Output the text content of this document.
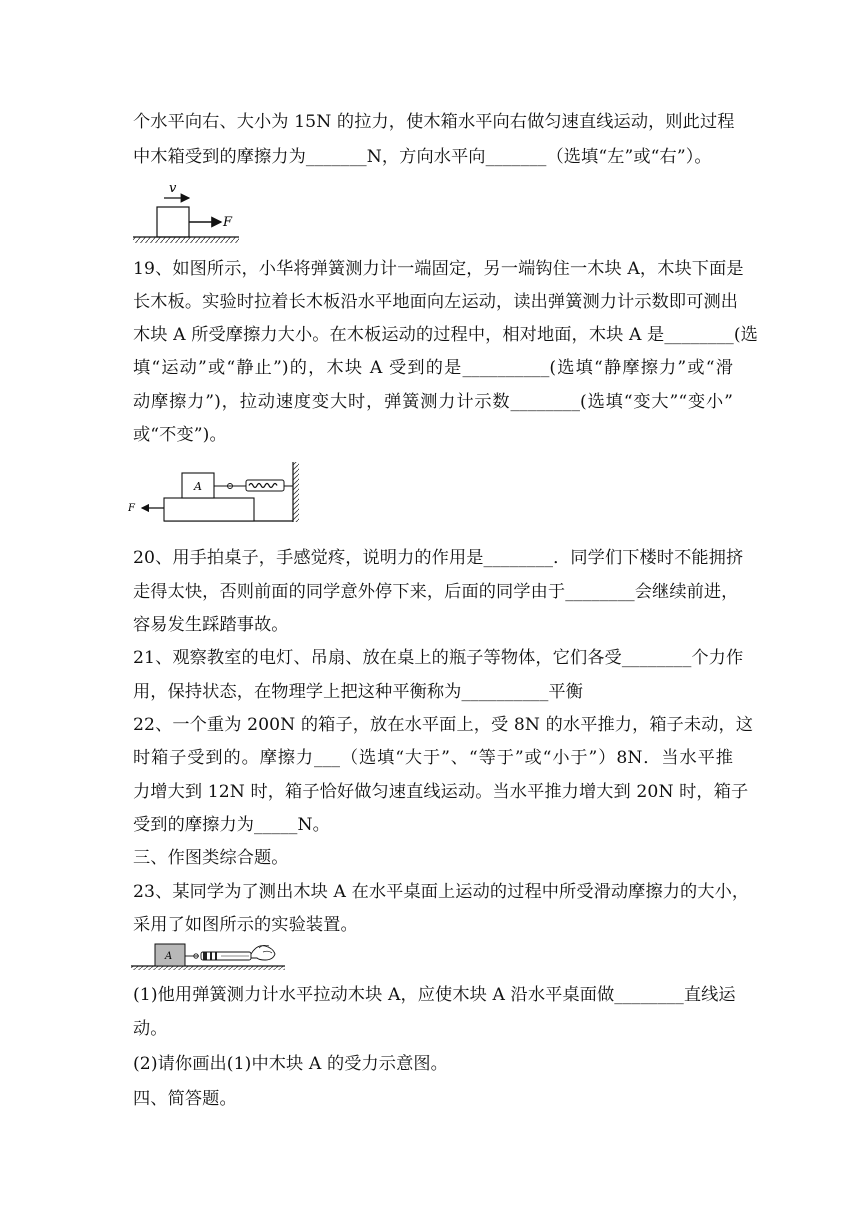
个水平向右、大小为 15N 的拉力，使木箱水平向右做匀速直线运动，则此过程
中木箱受到的摩擦力为_______N，方向水平向_______（选填“左”或“右”）。
v
F
19、如图所示，小华将弹簧测力计一端固定，另一端钩住一木块 A，木块下面是
长木板。实验时拉着长木板沿水平地面向左运动，读出弹簧测力计示数即可测出
木块 A 所受摩擦力大小。在木板运动的过程中，相对地面，木块 A 是________(选
填“运动”或“静止”)的，木块 A 受到的是__________(选填“静摩擦力”或“滑
动摩擦力”)，拉动速度变大时，弹簧测力计示数________(选填“变大”“变小”
或“不变”)。
A
F
20、用手拍桌子，手感觉疼，说明力的作用是________．同学们下楼时不能拥挤
走得太快，否则前面的同学意外停下来，后面的同学由于________会继续前进，
容易发生踩踏事故。
21、观察教室的电灯、吊扇、放在桌上的瓶子等物体，它们各受________个力作
用，保持状态，在物理学上把这种平衡称为__________平衡
22、一个重为 200N 的箱子，放在水平面上，受 8N 的水平推力，箱子未动，这
时箱子受到的。摩擦力___（选填“大于”、“等于”或“小于”）8N．当水平推
力增大到 12N 时，箱子恰好做匀速直线运动。当水平推力增大到 20N 时，箱子
受到的摩擦力为_____N。
三、作图类综合题。
23、某同学为了测出木块 A 在水平桌面上运动的过程中所受滑动摩擦力的大小，
采用了如图所示的实验装置。
A
(1)他用弹簧测力计水平拉动木块 A，应使木块 A 沿水平桌面做________直线运
动。
(2)请你画出(1)中木块 A 的受力示意图。
四、简答题。
